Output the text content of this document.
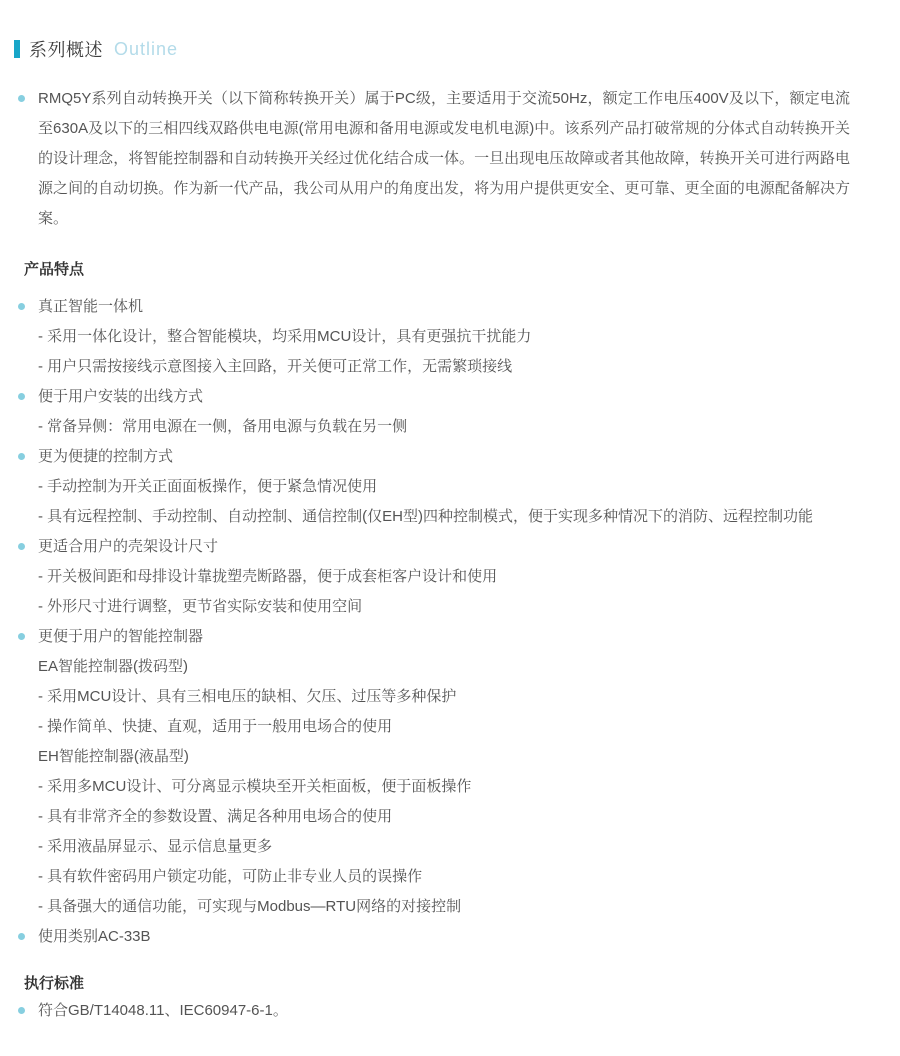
系列概述 Outline

RMQ5Y系列自动转换开关（以下简称转换开关）属于PC级，主要适用于交流50Hz，额定工作电压400V及以下，额定电流至630A及以下的三相四线双路供电电源(常用电源和备用电源或发电机电源)中。该系列产品打破常规的分体式自动转换开关的设计理念，将智能控制器和自动转换开关经过优化结合成一体。一旦出现电压故障或者其他故障，转换开关可进行两路电源之间的自动切换。作为新一代产品，我公司从用户的角度出发，将为用户提供更安全、更可靠、更全面的电源配备解决方案。

产品特点
真正智能一体机
- 采用一体化设计，整合智能模块，均采用MCU设计，具有更强抗干扰能力
- 用户只需按接线示意图接入主回路，开关便可正常工作，无需繁琐接线
便于用户安装的出线方式
- 常备异侧：常用电源在一侧，备用电源与负载在另一侧
更为便捷的控制方式
- 手动控制为开关正面面板操作，便于紧急情况使用
- 具有远程控制、手动控制、自动控制、通信控制(仅EH型)四种控制模式，便于实现多种情况下的消防、远程控制功能
更适合用户的壳架设计尺寸
- 开关极间距和母排设计靠拢塑壳断路器，便于成套柜客户设计和使用
- 外形尺寸进行调整，更节省实际安装和使用空间
更便于用户的智能控制器
EA智能控制器(拨码型)
- 采用MCU设计、具有三相电压的缺相、欠压、过压等多种保护
- 操作简单、快捷、直观，适用于一般用电场合的使用
EH智能控制器(液晶型)
- 采用多MCU设计、可分离显示模块至开关柜面板，便于面板操作
- 具有非常齐全的参数设置、满足各种用电场合的使用
- 采用液晶屏显示、显示信息量更多
- 具有软件密码用户锁定功能，可防止非专业人员的误操作
- 具备强大的通信功能，可实现与Modbus—RTU网络的对接控制
使用类别AC-33B
执行标准
符合GB/T14048.11、IEC60947-6-1。
